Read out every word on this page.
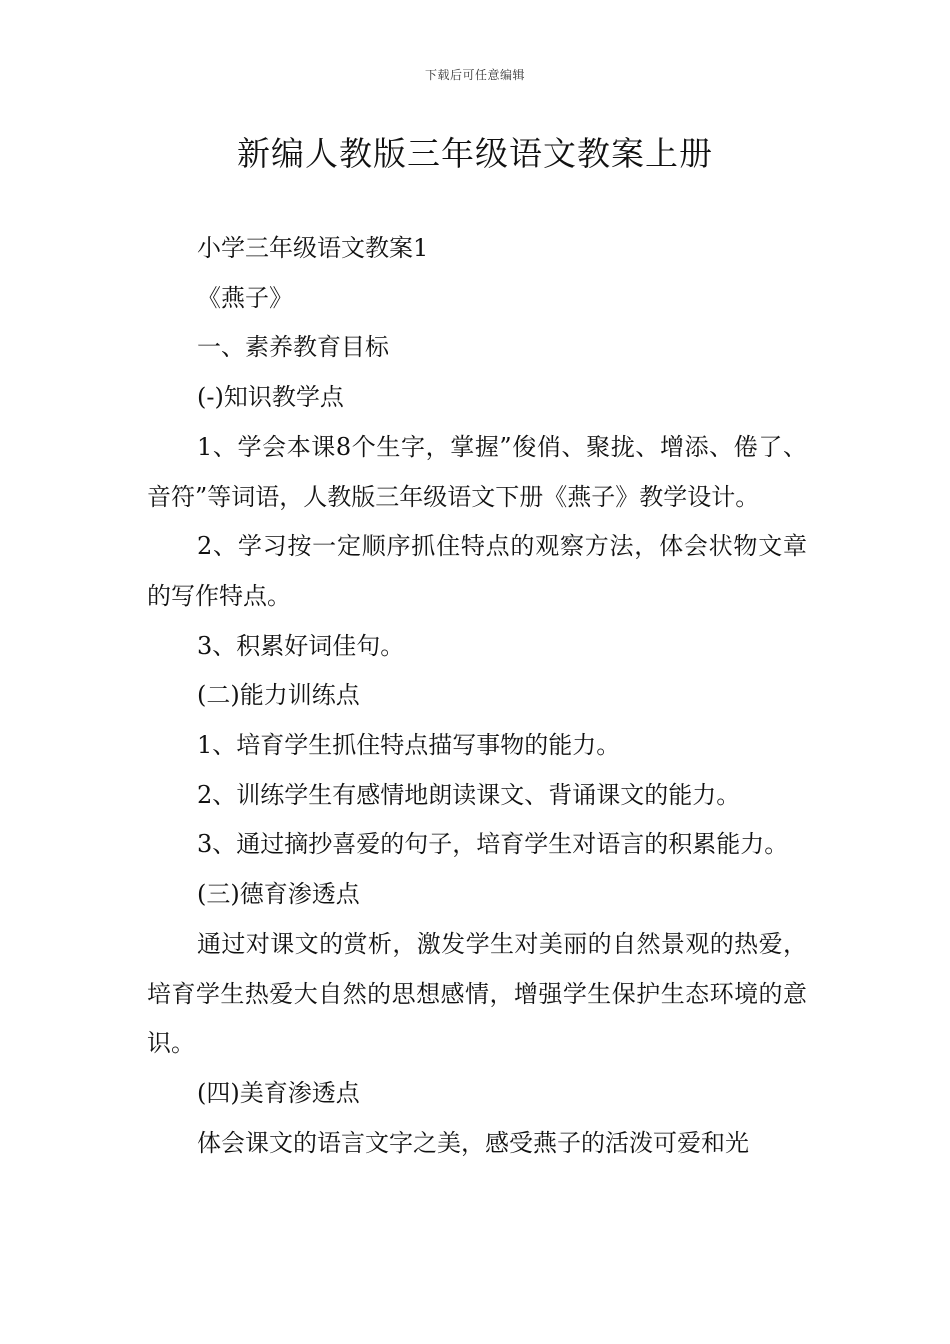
下载后可任意编辑
新编人教版三年级语文教案上册

小学三年级语文教案1

《燕子》

一、素养教育目标

(-)知识教学点

1、学会本课8个生字，掌握”俊俏、聚拢、增添、倦了、音符”等词语，人教版三年级语文下册《燕子》教学设计。

2、学习按一定顺序抓住特点的观察方法，体会状物文章的写作特点。

3、积累好词佳句。

(二)能力训练点

1、培育学生抓住特点描写事物的能力。

2、训练学生有感情地朗读课文、背诵课文的能力。

3、通过摘抄喜爱的句子，培育学生对语言的积累能力。

(三)德育渗透点

通过对课文的赏析，激发学生对美丽的自然景观的热爱，培育学生热爱大自然的思想感情，增强学生保护生态环境的意识。

(四)美育渗透点

体会课文的语言文字之美，感受燕子的活泼可爱和光
